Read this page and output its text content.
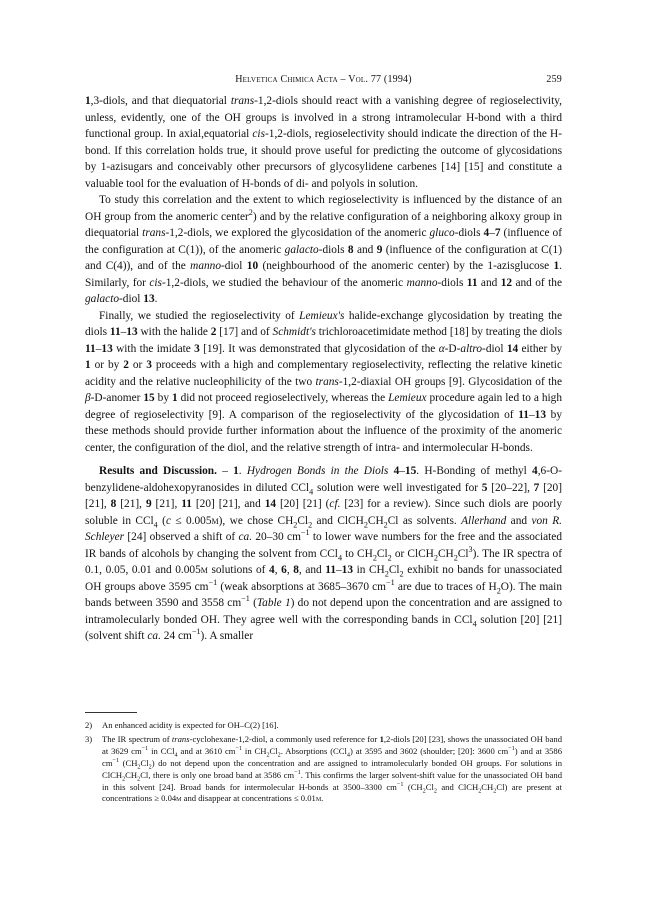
Helvetica Chimica Acta – Vol. 77 (1994)	259

1,3-diols, and that diequatorial trans-1,2-diols should react with a vanishing degree of regioselectivity, unless, evidently, one of the OH groups is involved in a strong intramolecular H-bond with a third functional group. In axial,equatorial cis-1,2-diols, regioselectivity should indicate the direction of the H-bond. If this correlation holds true, it should prove useful for predicting the outcome of glycosidations by 1-azisugars and conceivably other precursors of glycosylidene carbenes [14] [15] and constitute a valuable tool for the evaluation of H-bonds of di- and polyols in solution.

To study this correlation and the extent to which regioselectivity is influenced by the distance of an OH group from the anomeric center$^2$) and by the relative configuration of a neighboring alkoxy group in diequatorial trans-1,2-diols, we explored the glycosidation of the anomeric gluco-diols 4–7 (influence of the configuration at C(1)), of the anomeric galacto-diols 8 and 9 (influence of the configuration at C(1) and C(4)), and of the manno-diol 10 (neighbourhood of the anomeric center) by the 1-azisglucose 1. Similarly, for cis-1,2-diols, we studied the behaviour of the anomeric manno-diols 11 and 12 and of the galacto-diol 13.

Finally, we studied the regioselectivity of Lemieux's halide-exchange glycosidation by treating the diols 11–13 with the halide 2 [17] and of Schmidt's trichloroacetimidate method [18] by treating the diols 11–13 with the imidate 3 [19]. It was demonstrated that glycosidation of the α-D-altro-diol 14 either by 1 or by 2 or 3 proceeds with a high and complementary regioselectivity, reflecting the relative kinetic acidity and the relative nucleophilicity of the two trans-1,2-diaxial OH groups [9]. Glycosidation of the β-D-anomer 15 by 1 did not proceed regioselectively, whereas the Lemieux procedure again led to a high degree of regioselectivity [9]. A comparison of the regioselectivity of the glycosidation of 11–13 by these methods should provide further information about the influence of the proximity of the anomeric center, the configuration of the diol, and the relative strength of intra- and intermolecular H-bonds.

Results and Discussion. – 1. Hydrogen Bonds in the Diols 4–15. H-Bonding of methyl 4,6-O-benzylidene-aldohexopyranosides in diluted CCl$_4$ solution were well investigated for 5 [20–22], 7 [20] [21], 8 [21], 9 [21], 11 [20] [21], and 14 [20] [21] (cf. [23] for a review). Since such diols are poorly soluble in CCl$_4$ (c ≤ 0.005m), we chose $CH_2Cl_2$ and $ClCH_2CH_2Cl$ as solvents. Allerhand and von R. Schleyer [24] observed a shift of ca. 20–30 $cm^{-1}$ to lower wave numbers for the free and the associated IR bands of alcohols by changing the solvent from CCl$_4$ to $CH_2Cl_2$ or $ClCH_2CH_2Cl^3$). The IR spectra of 0.1, 0.05, 0.01 and 0.005m solutions of 4, 6, 8, and 11–13 in $CH_2Cl_2$ exhibit no bands for unassociated OH groups above 3595 $cm^{-1}$ (weak absorptions at 3685–3670 $cm^{-1}$ are due to traces of $H_2O$). The main bands between 3590 and 3558 $cm^{-1}$ (Table 1) do not depend upon the concentration and are assigned to intramolecularly bonded OH. They agree well with the corresponding bands in CCl$_4$ solution [20] [21] (solvent shift ca. 24 $cm^{-1}$). A smaller

2)	An enhanced acidity is expected for OH–C(2) [16].
3)	The IR spectrum of trans-cyclohexane-1,2-diol, a commonly used reference for 1,2-diols [20] [23], shows the unassociated OH band at 3629 $cm^{-1}$ in CCl$_4$ and at 3610 $cm^{-1}$ in $CH_2Cl_2$. Absorptions (CCl$_4$) at 3595 and 3602 (shoulder; [20]: 3600 $cm^{-1}$) and at 3586 $cm^{-1}$ $(CH_2Cl_2)$ do not depend upon the concentration and are assigned to intramolecularly bonded OH groups. For solutions in $ClCH_2CH_2Cl$, there is only one broad band at 3586 $cm^{-1}$. This confirms the larger solvent-shift value for the unassociated OH band in this solvent [24]. Broad bands for intermolecular H-bonds at 3500–3300 $cm^{-1}$ ($CH_2Cl_2$ and $ClCH_2CH_2Cl$) are present at concentrations ≥ 0.04m and disappear at concentrations ≤ 0.01m.
